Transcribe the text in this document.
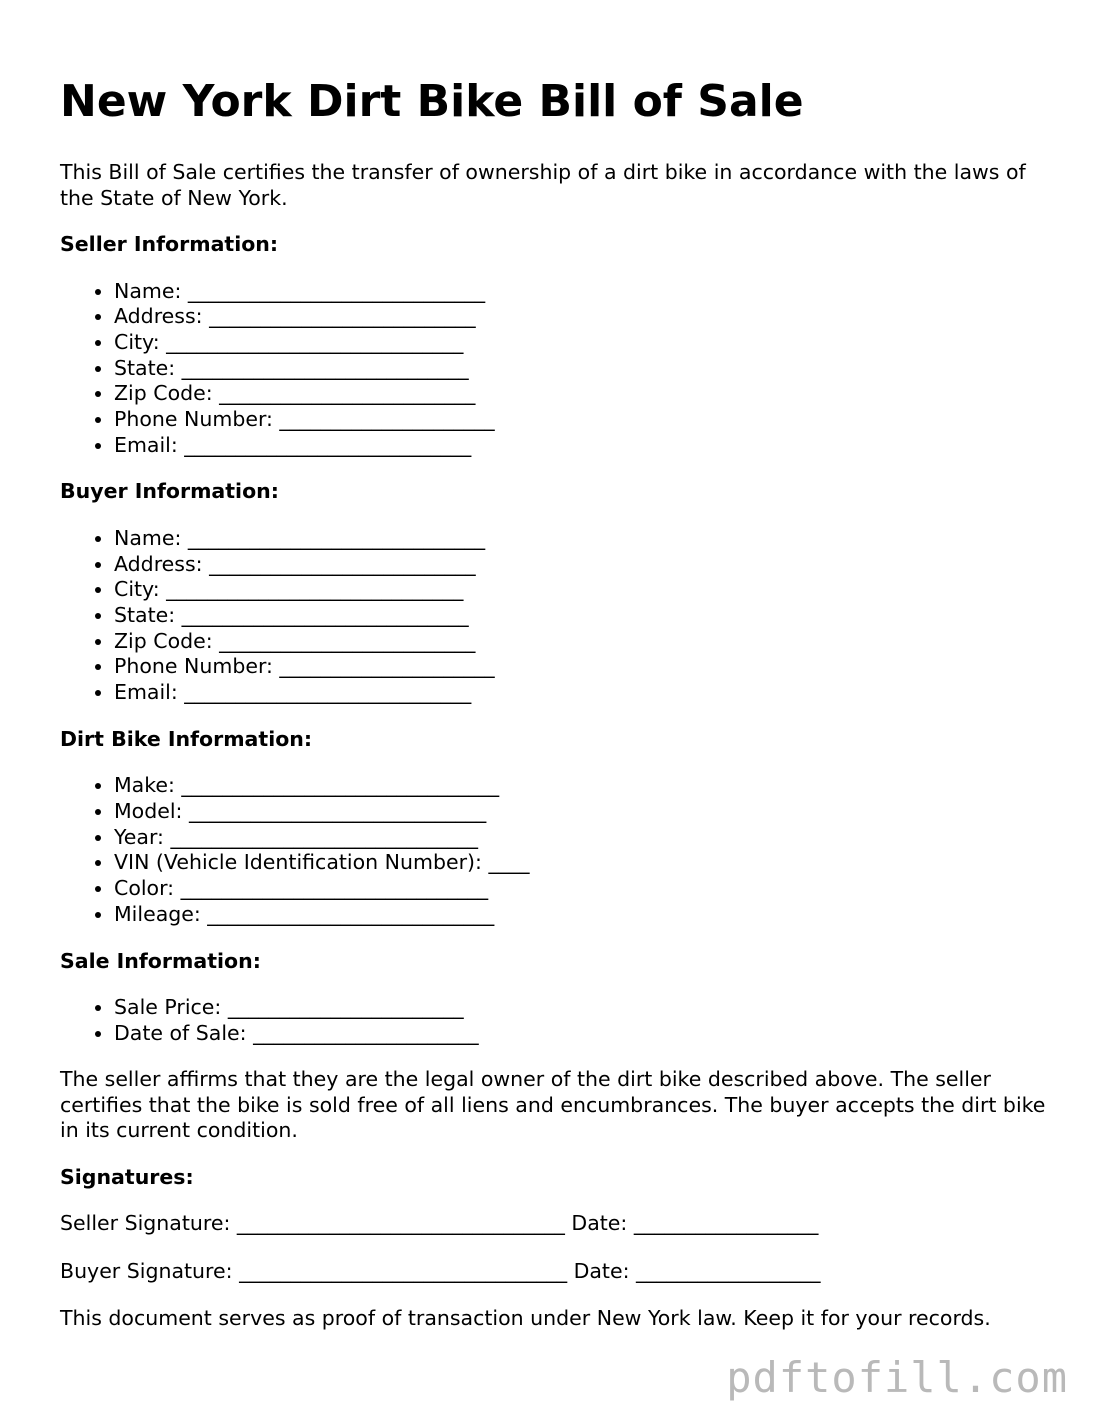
New York Dirt Bike Bill of Sale

This Bill of Sale certifies the transfer of ownership of a dirt bike in accordance with the laws of the State of New York.

Seller Information:
• Name: _____________________________
• Address: __________________________
• City: _____________________________
• State: ____________________________
• Zip Code: _________________________
• Phone Number: _____________________
• Email: ____________________________
Buyer Information:
• Name: _____________________________
• Address: __________________________
• City: _____________________________
• State: ____________________________
• Zip Code: _________________________
• Phone Number: _____________________
• Email: ____________________________
Dirt Bike Information:
• Make: _______________________________
• Model: _____________________________
• Year: ______________________________
• VIN (Vehicle Identification Number): ____
• Color: ______________________________
• Mileage: ____________________________
Sale Information:
• Sale Price: _______________________
• Date of Sale: ______________________

The seller affirms that they are the legal owner of the dirt bike described above. The seller certifies that the bike is sold free of all liens and encumbrances. The buyer accepts the dirt bike in its current condition.

Signatures:
Seller Signature: ________________________________ Date: __________________
Buyer Signature: ________________________________ Date: __________________

This document serves as proof of transaction under New York law. Keep it for your records.

pdftofill.com
